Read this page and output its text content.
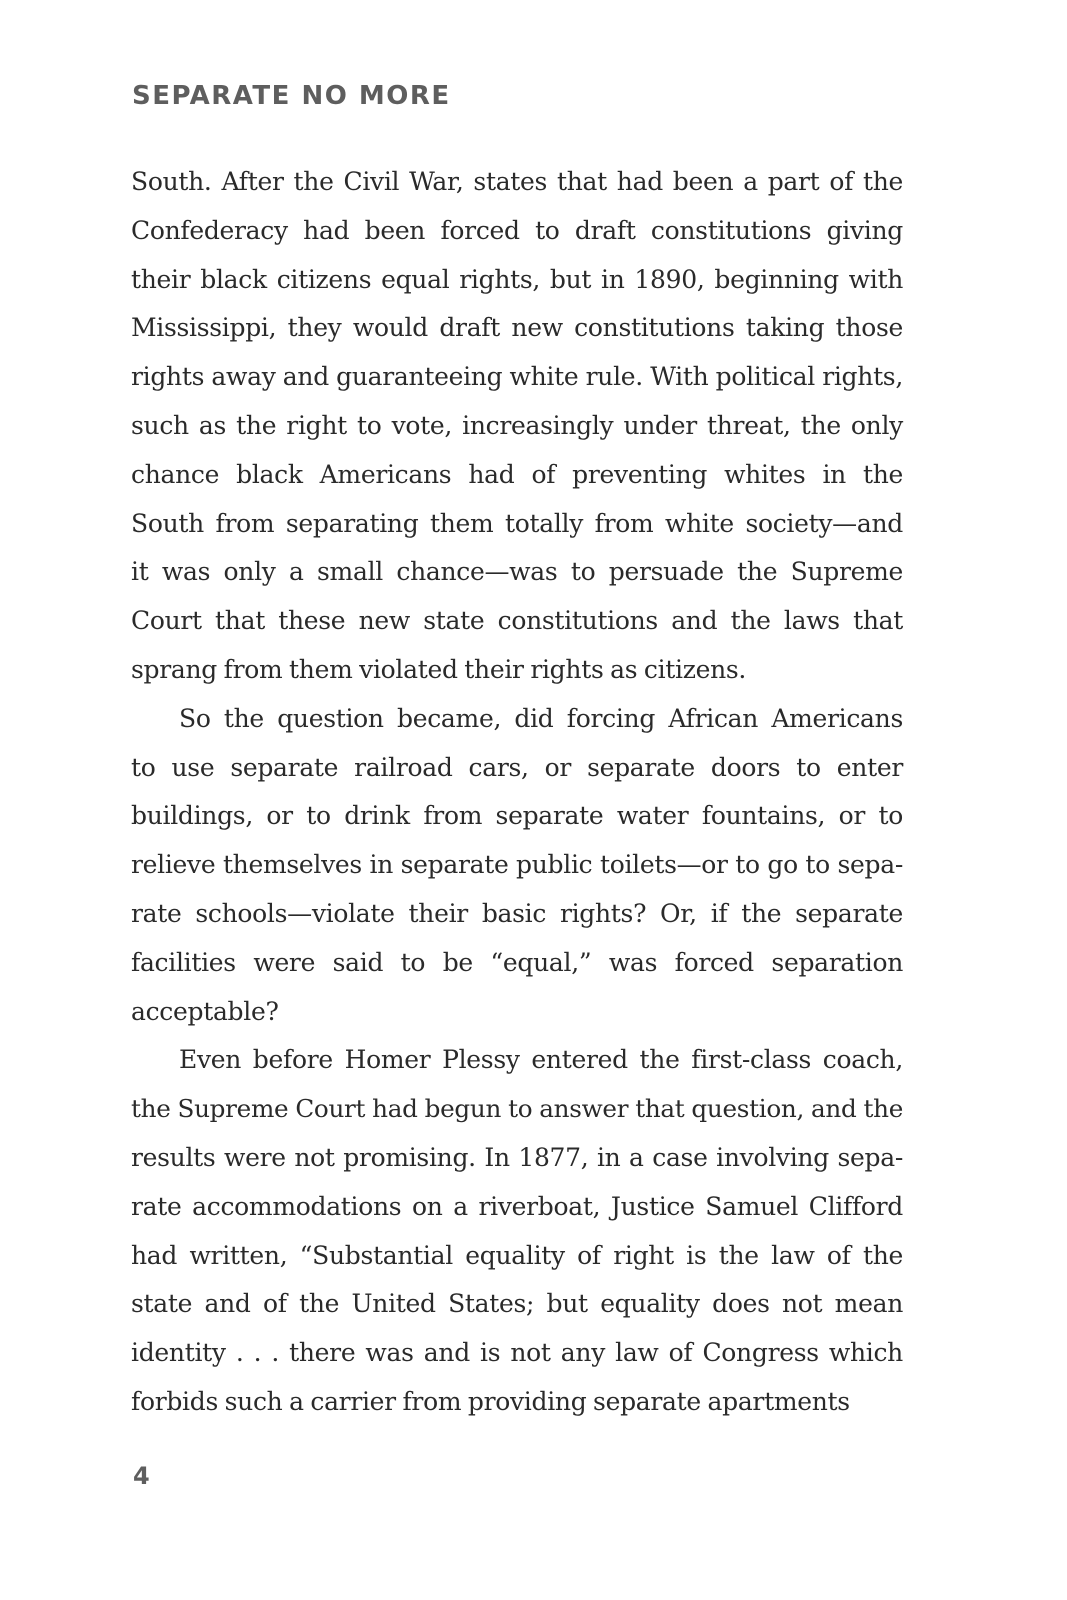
SEPARATE NO MORE
South. After the Civil War, states that had been a part of the
Confederacy had been forced to draft constitutions giving
their black citizens equal rights, but in 1890, beginning with
Mississippi, they would draft new constitutions taking those
rights away and guaranteeing white rule. With political rights,
such as the right to vote, increasingly under threat, the only
chance black Americans had of preventing whites in the
South from separating them totally from white society—and
it was only a small chance—was to persuade the Supreme
Court that these new state constitutions and the laws that
sprang from them violated their rights as citizens.
So the question became, did forcing African Americans
to use separate railroad cars, or separate doors to enter
buildings, or to drink from separate water fountains, or to
relieve themselves in separate public toilets—or to go to sepa-
rate schools—violate their basic rights? Or, if the separate
facilities were said to be “equal,” was forced separation
acceptable?
Even before Homer Plessy entered the first-class coach,
the Supreme Court had begun to answer that question, and the
results were not promising. In 1877, in a case involving sepa-
rate accommodations on a riverboat, Justice Samuel Clifford
had written, “Substantial equality of right is the law of the
state and of the United States; but equality does not mean
identity . . . there was and is not any law of Congress which
forbids such a carrier from providing separate apartments
4
